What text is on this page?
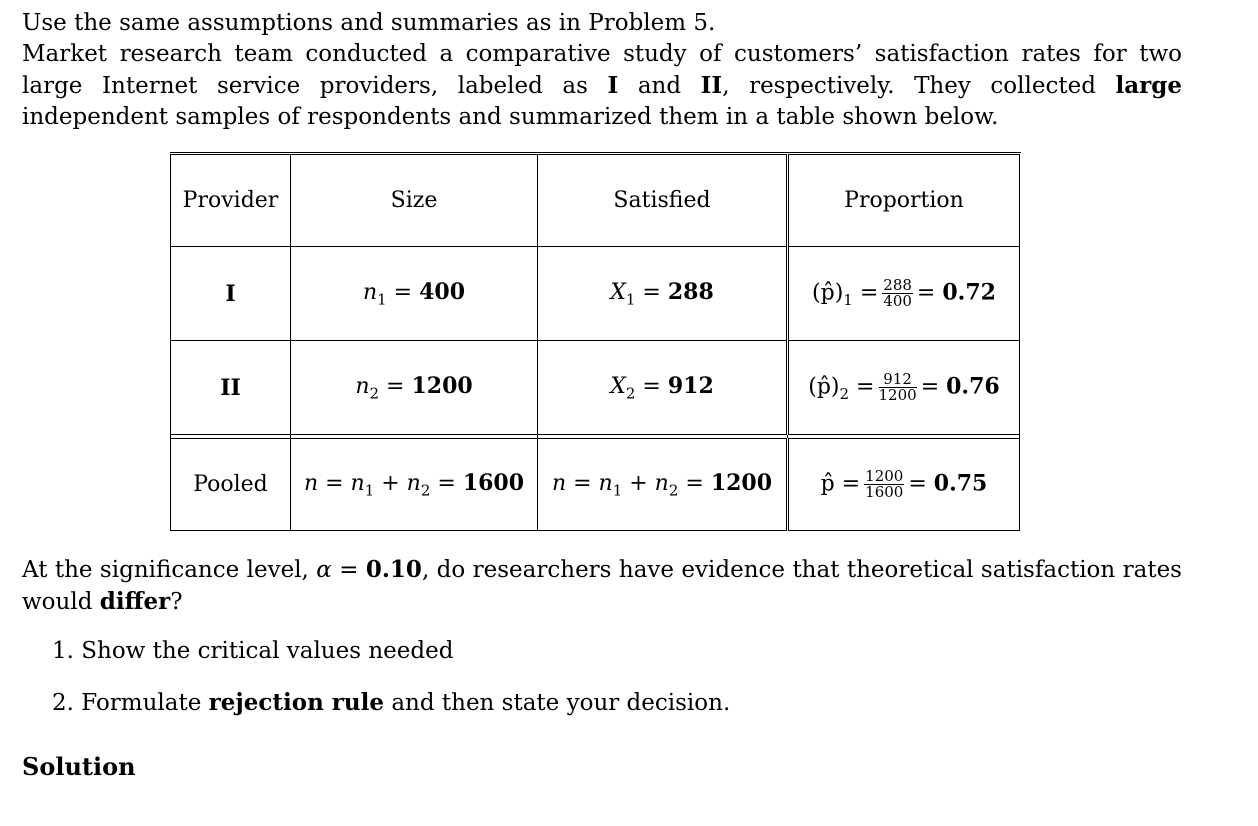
Use the same assumptions and summaries as in Problem 5.
Market research team conducted a comparative study of customers’ satisfaction rates for two large Internet service providers, labeled as I and II, respectively. They collected large independent samples of respondents and summarized them in a table shown below.
Provider	Size	Satisfied	Proportion
I	$n_1 = 400$	$X_1 = 288$	$(p̂)_1 = \frac{288}{400} = 0.72$
II	$n_2 = 1200$	$X_2 = 912$	$(p̂)_2 = \frac{912}{1200} = 0.76$

Pooled	$n = n_1 + n_2 = 1600$	$n = n_1 + n_2 = 1200$	p̂ = $\frac{1200}{1600} = 0.75$
At the significance level, α = 0.10, do researchers have evidence that theoretical satisfaction rates would differ?
1. Show the critical values needed
2. Formulate rejection rule and then state your decision.
Solution
